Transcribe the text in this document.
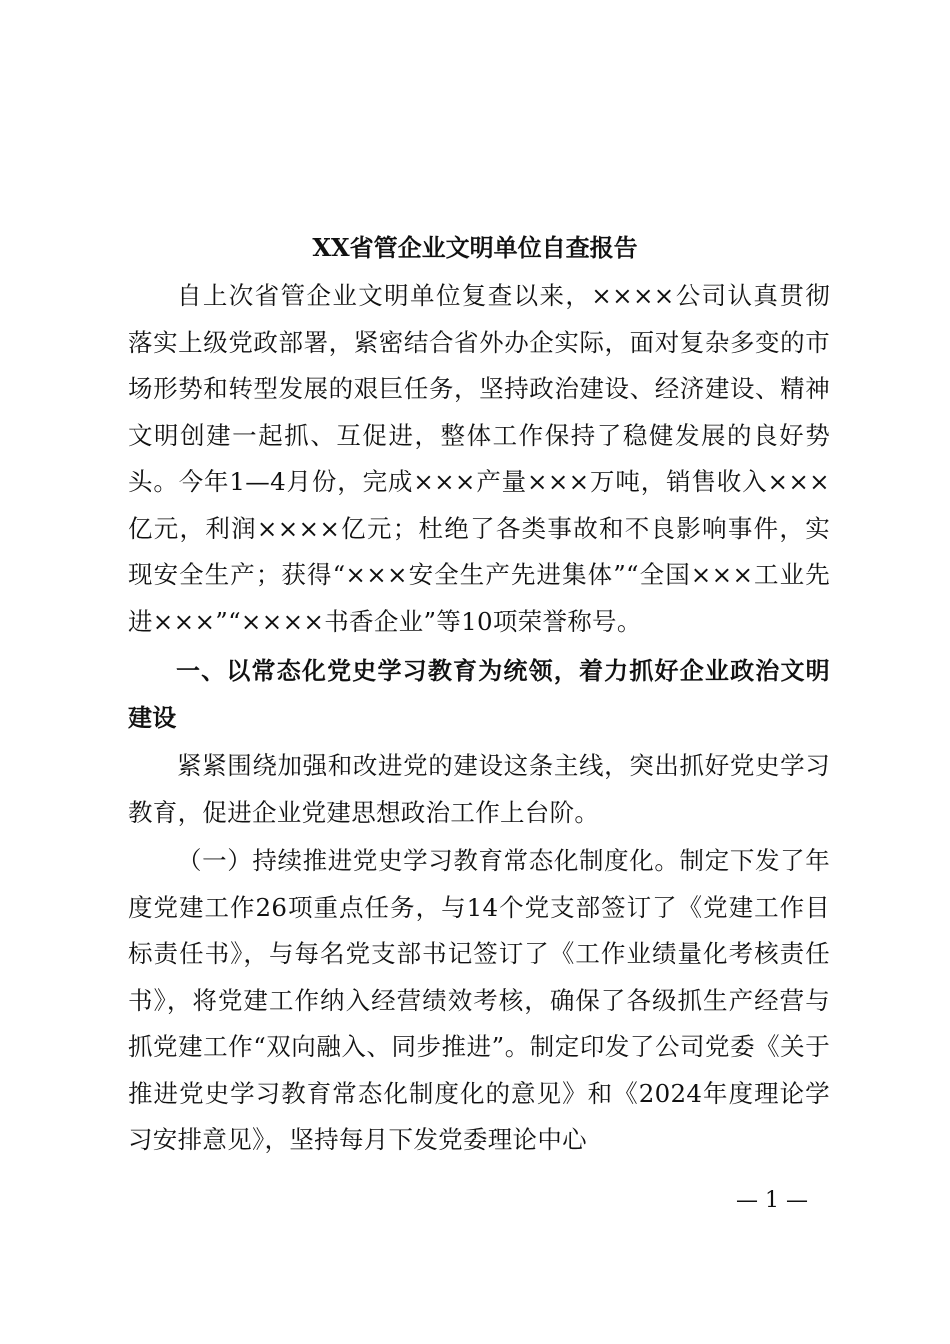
XX省管企业文明单位自查报告

自上次省管企业文明单位复查以来，××××公司认真贯彻落实上级党政部署，紧密结合省外办企实际，面对复杂多变的市场形势和转型发展的艰巨任务，坚持政治建设、经济建设、精神文明创建一起抓、互促进，整体工作保持了稳健发展的良好势头。今年1—4月份，完成×××产量×××万吨，销售收入×××亿元，利润××××亿元；杜绝了各类事故和不良影响事件，实现安全生产；获得“×××安全生产先进集体”“全国×××工业先进×××”“××××书香企业”等10项荣誉称号。

一、以常态化党史学习教育为统领，着力抓好企业政治文明建设

紧紧围绕加强和改进党的建设这条主线，突出抓好党史学习教育，促进企业党建思想政治工作上台阶。

（一）持续推进党史学习教育常态化制度化。制定下发了年度党建工作26项重点任务，与14个党支部签订了《党建工作目标责任书》，与每名党支部书记签订了《工作业绩量化考核责任书》，将党建工作纳入经营绩效考核，确保了各级抓生产经营与抓党建工作“双向融入、同步推进”。制定印发了公司党委《关于推进党史学习教育常态化制度化的意见》和《2024年度理论学习安排意见》，坚持每月下发党委理论中心

— 1 —
